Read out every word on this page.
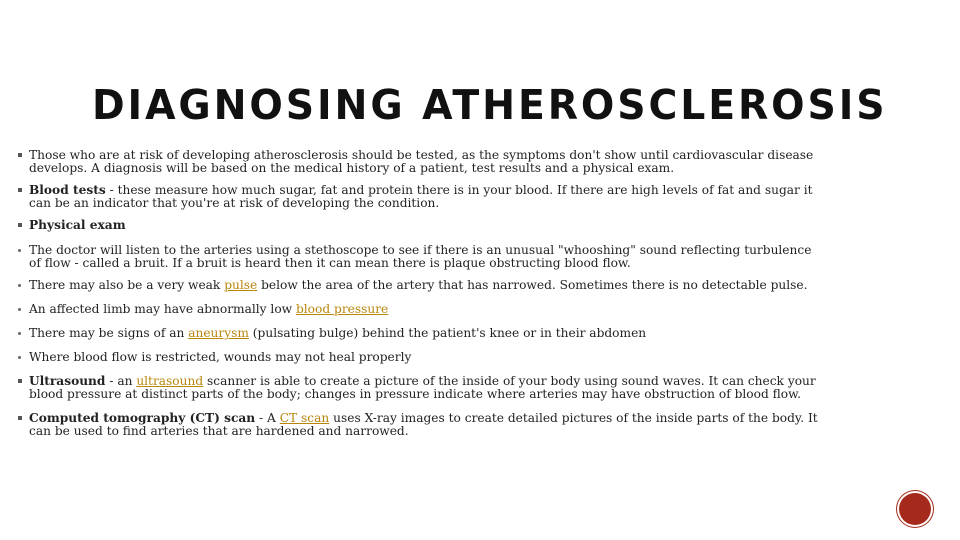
DIAGNOSING ATHEROSCLEROSIS
Those who are at risk of developing atherosclerosis should be tested, as the symptoms don't show until cardiovascular disease develops. A diagnosis will be based on the medical history of a patient, test results and a physical exam.
Blood tests - these measure how much sugar, fat and protein there is in your blood. If there are high levels of fat and sugar it can be an indicator that you're at risk of developing the condition.
Physical exam
The doctor will listen to the arteries using a stethoscope to see if there is an unusual "whooshing" sound reflecting turbulence of flow - called a bruit. If a bruit is heard then it can mean there is plaque obstructing blood flow.
There may also be a very weak pulse below the area of the artery that has narrowed. Sometimes there is no detectable pulse.
An affected limb may have abnormally low blood pressure
There may be signs of an aneurysm (pulsating bulge) behind the patient's knee or in their abdomen
Where blood flow is restricted, wounds may not heal properly
Ultrasound - an ultrasound scanner is able to create a picture of the inside of your body using sound waves. It can check your blood pressure at distinct parts of the body; changes in pressure indicate where arteries may have obstruction of blood flow.
Computed tomography (CT) scan - A CT scan uses X-ray images to create detailed pictures of the inside parts of the body. It can be used to find arteries that are hardened and narrowed.
